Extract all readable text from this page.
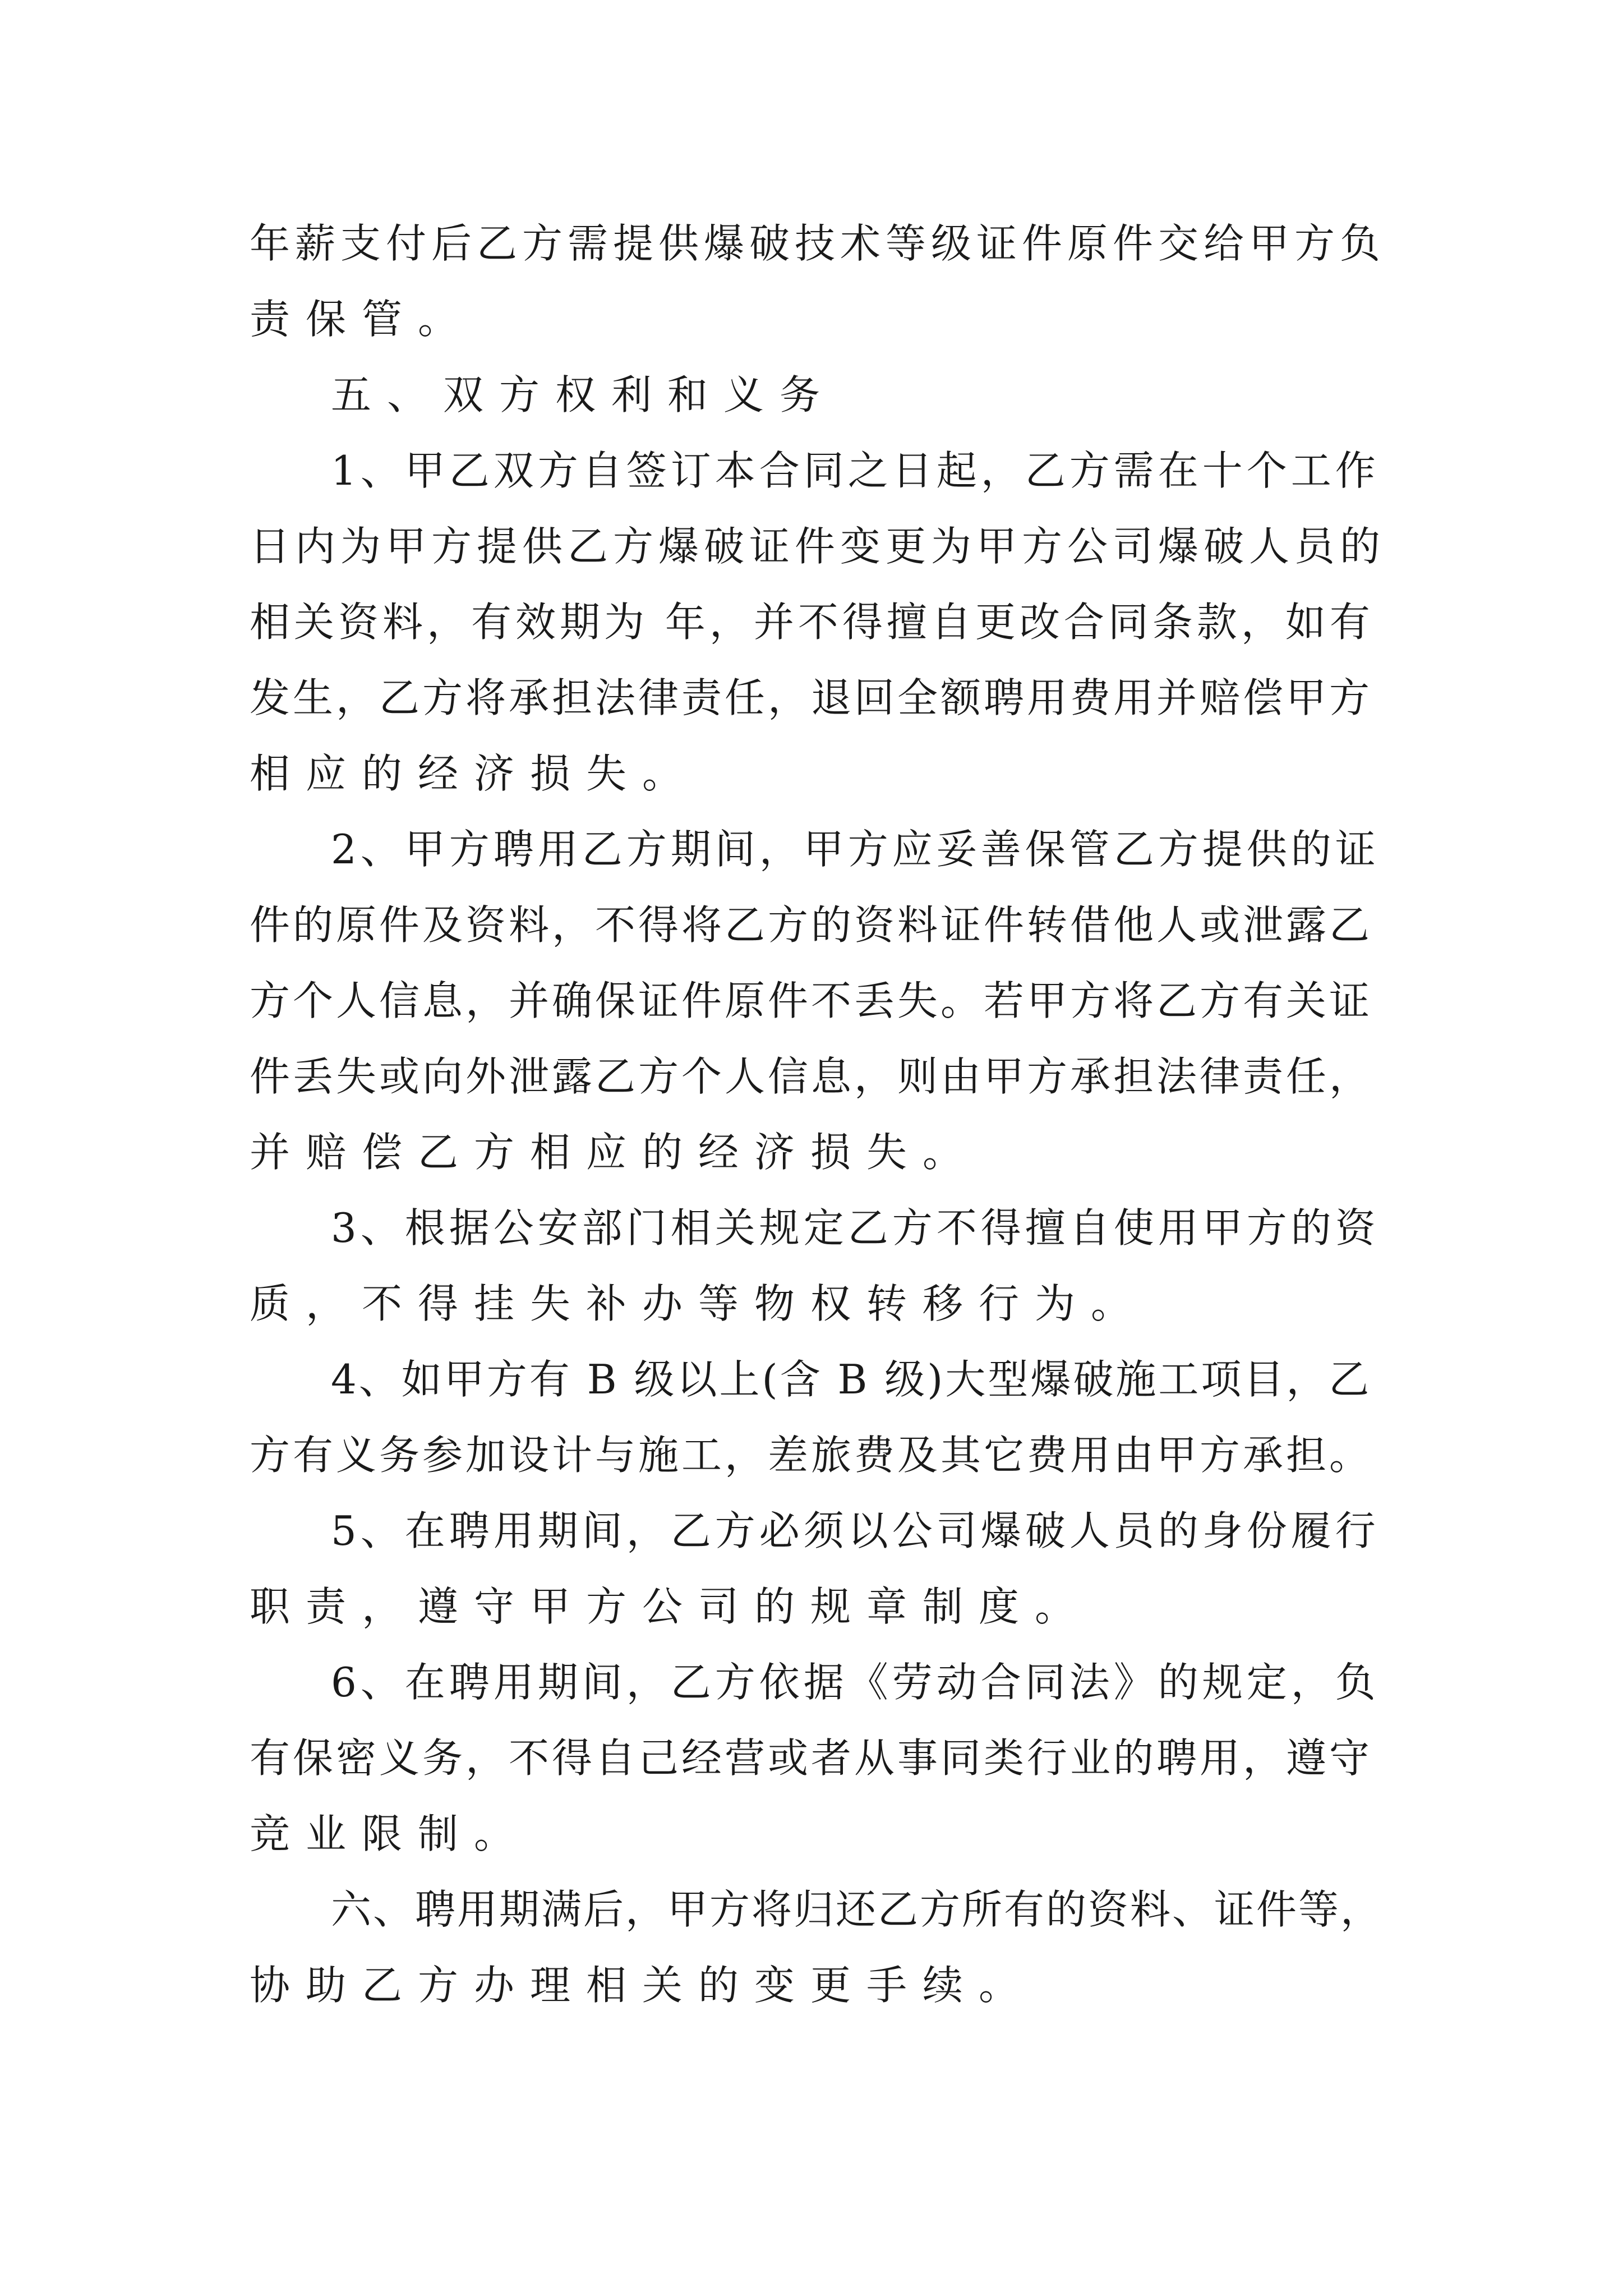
年薪支付后乙方需提供爆破技术等级证件原件交给甲方负
责保管。
五、双方权利和义务
1、甲乙双方自签订本合同之日起，乙方需在十个工作
日内为甲方提供乙方爆破证件变更为甲方公司爆破人员的
相关资料，有效期为 年，并不得擅自更改合同条款，如有
发生，乙方将承担法律责任，退回全额聘用费用并赔偿甲方
相应的经济损失。
2、甲方聘用乙方期间，甲方应妥善保管乙方提供的证
件的原件及资料，不得将乙方的资料证件转借他人或泄露乙
方个人信息，并确保证件原件不丢失。若甲方将乙方有关证
件丢失或向外泄露乙方个人信息，则由甲方承担法律责任，
并赔偿乙方相应的经济损失。
3、根据公安部门相关规定乙方不得擅自使用甲方的资
质，不得挂失补办等物权转移行为。
4、如甲方有 B 级以上(含 B 级)大型爆破施工项目，乙
方有义务参加设计与施工，差旅费及其它费用由甲方承担。
5、在聘用期间，乙方必须以公司爆破人员的身份履行
职责，遵守甲方公司的规章制度。
6、在聘用期间，乙方依据《劳动合同法》的规定，负
有保密义务，不得自己经营或者从事同类行业的聘用，遵守
竞业限制。
六、聘用期满后，甲方将归还乙方所有的资料、证件等，
协助乙方办理相关的变更手续。
